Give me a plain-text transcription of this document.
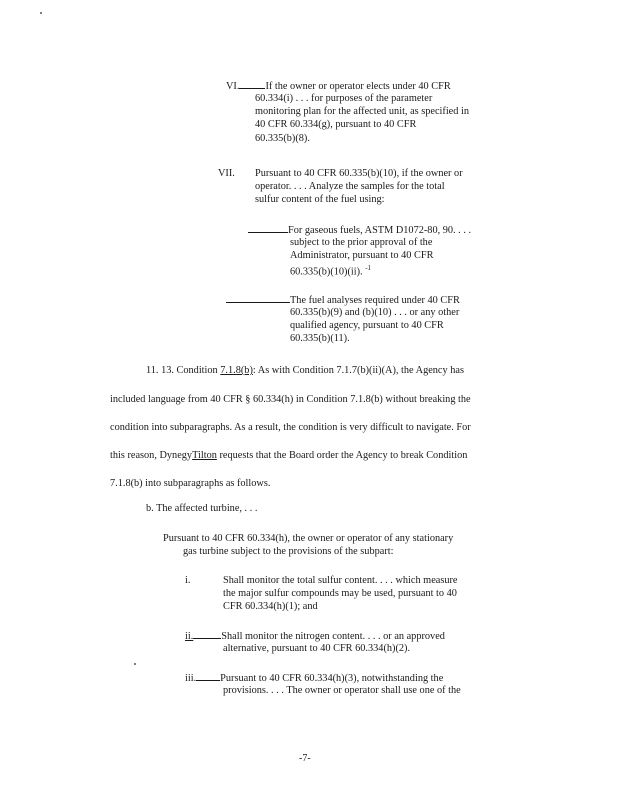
VI.	If the owner or operator elects under 40 CFR
60.334(i) . . . for purposes of the parameter
monitoring plan for the affected unit, as specified in
40 CFR 60.334(g), pursuant to 40 CFR
60.335(b)(8).
VII. Pursuant to 40 CFR 60.335(b)(10), if the owner or
operator. . . . Analyze the samples for the total
sulfur content of the fuel using:
For gaseous fuels, ASTM D1072-80, 90. . . .
subject to the prior approval of the
Administrator, pursuant to 40 CFR
60.335(b)(10)(ii). $^{-1}$
The fuel analyses required under 40 CFR
60.335(b)(9) and (b)(10) . . . or any other
qualified agency, pursuant to 40 CFR
60.335(b)(11).
11. 13. Condition 7.1.8(b): As with Condition 7.1.7(b)(ii)(A), the Agency has
included language from 40 CFR § 60.334(h) in Condition 7.1.8(b) without breaking the
condition into subparagraphs. As a result, the condition is very difficult to navigate. For
this reason, DynegyTilton requests that the Board order the Agency to break Condition
7.1.8(b) into subparagraphs as follows.
b. The affected turbine, . . .
Pursuant to 40 CFR 60.334(h), the owner or operator of any stationary
gas turbine subject to the provisions of the subpart:
i.	Shall monitor the total sulfur content. . . . which measure
the major sulfur compounds may be used, pursuant to 40
CFR 60.334(h)(1); and
ii.	Shall monitor the nitrogen content. . . . or an approved
alternative, pursuant to 40 CFR 60.334(h)(2).
iii. Pursuant to 40 CFR 60.334(h)(3), notwithstanding the
provisions. . . . The owner or operator shall use one of the
-7-
